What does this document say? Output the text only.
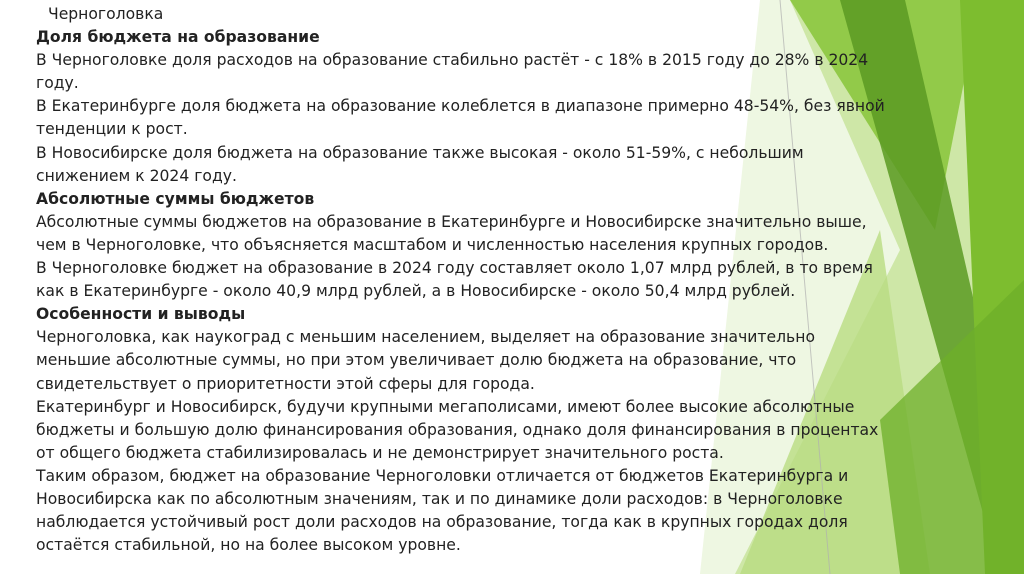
Черноголовка
Доля бюджета на образование
В Черноголовке доля расходов на образование стабильно растёт - с 18% в 2015 году до 28% в 2024
году.
В Екатеринбурге доля бюджета на образование колеблется в диапазоне примерно 48-54%, без явной
тенденции к рост.
В Новосибирске доля бюджета на образование также высокая - около 51-59%, с небольшим
снижением к 2024 году.
Абсолютные суммы бюджетов
Абсолютные суммы бюджетов на образование в Екатеринбурге и Новосибирске значительно выше,
чем в Черноголовке, что объясняется масштабом и численностью населения крупных городов.
В Черноголовке бюджет на образование в 2024 году составляет около 1,07 млрд рублей, в то время
как в Екатеринбурге - около 40,9 млрд рублей, а в Новосибирске - около 50,4 млрд рублей.
Особенности и выводы
Черноголовка, как наукоград с меньшим населением, выделяет на образование значительно
меньшие абсолютные суммы, но при этом увеличивает долю бюджета на образование, что
свидетельствует о приоритетности этой сферы для города.
Екатеринбург и Новосибирск, будучи крупными мегаполисами, имеют более высокие абсолютные
бюджеты и большую долю финансирования образования, однако доля финансирования в процентах
от общего бюджета стабилизировалась и не демонстрирует значительного роста.
Таким образом, бюджет на образование Черноголовки отличается от бюджетов Екатеринбурга и
Новосибирска как по абсолютным значениям, так и по динамике доли расходов: в Черноголовке
наблюдается устойчивый рост доли расходов на образование, тогда как в крупных городах доля
остаётся стабильной, но на более высоком уровне.
